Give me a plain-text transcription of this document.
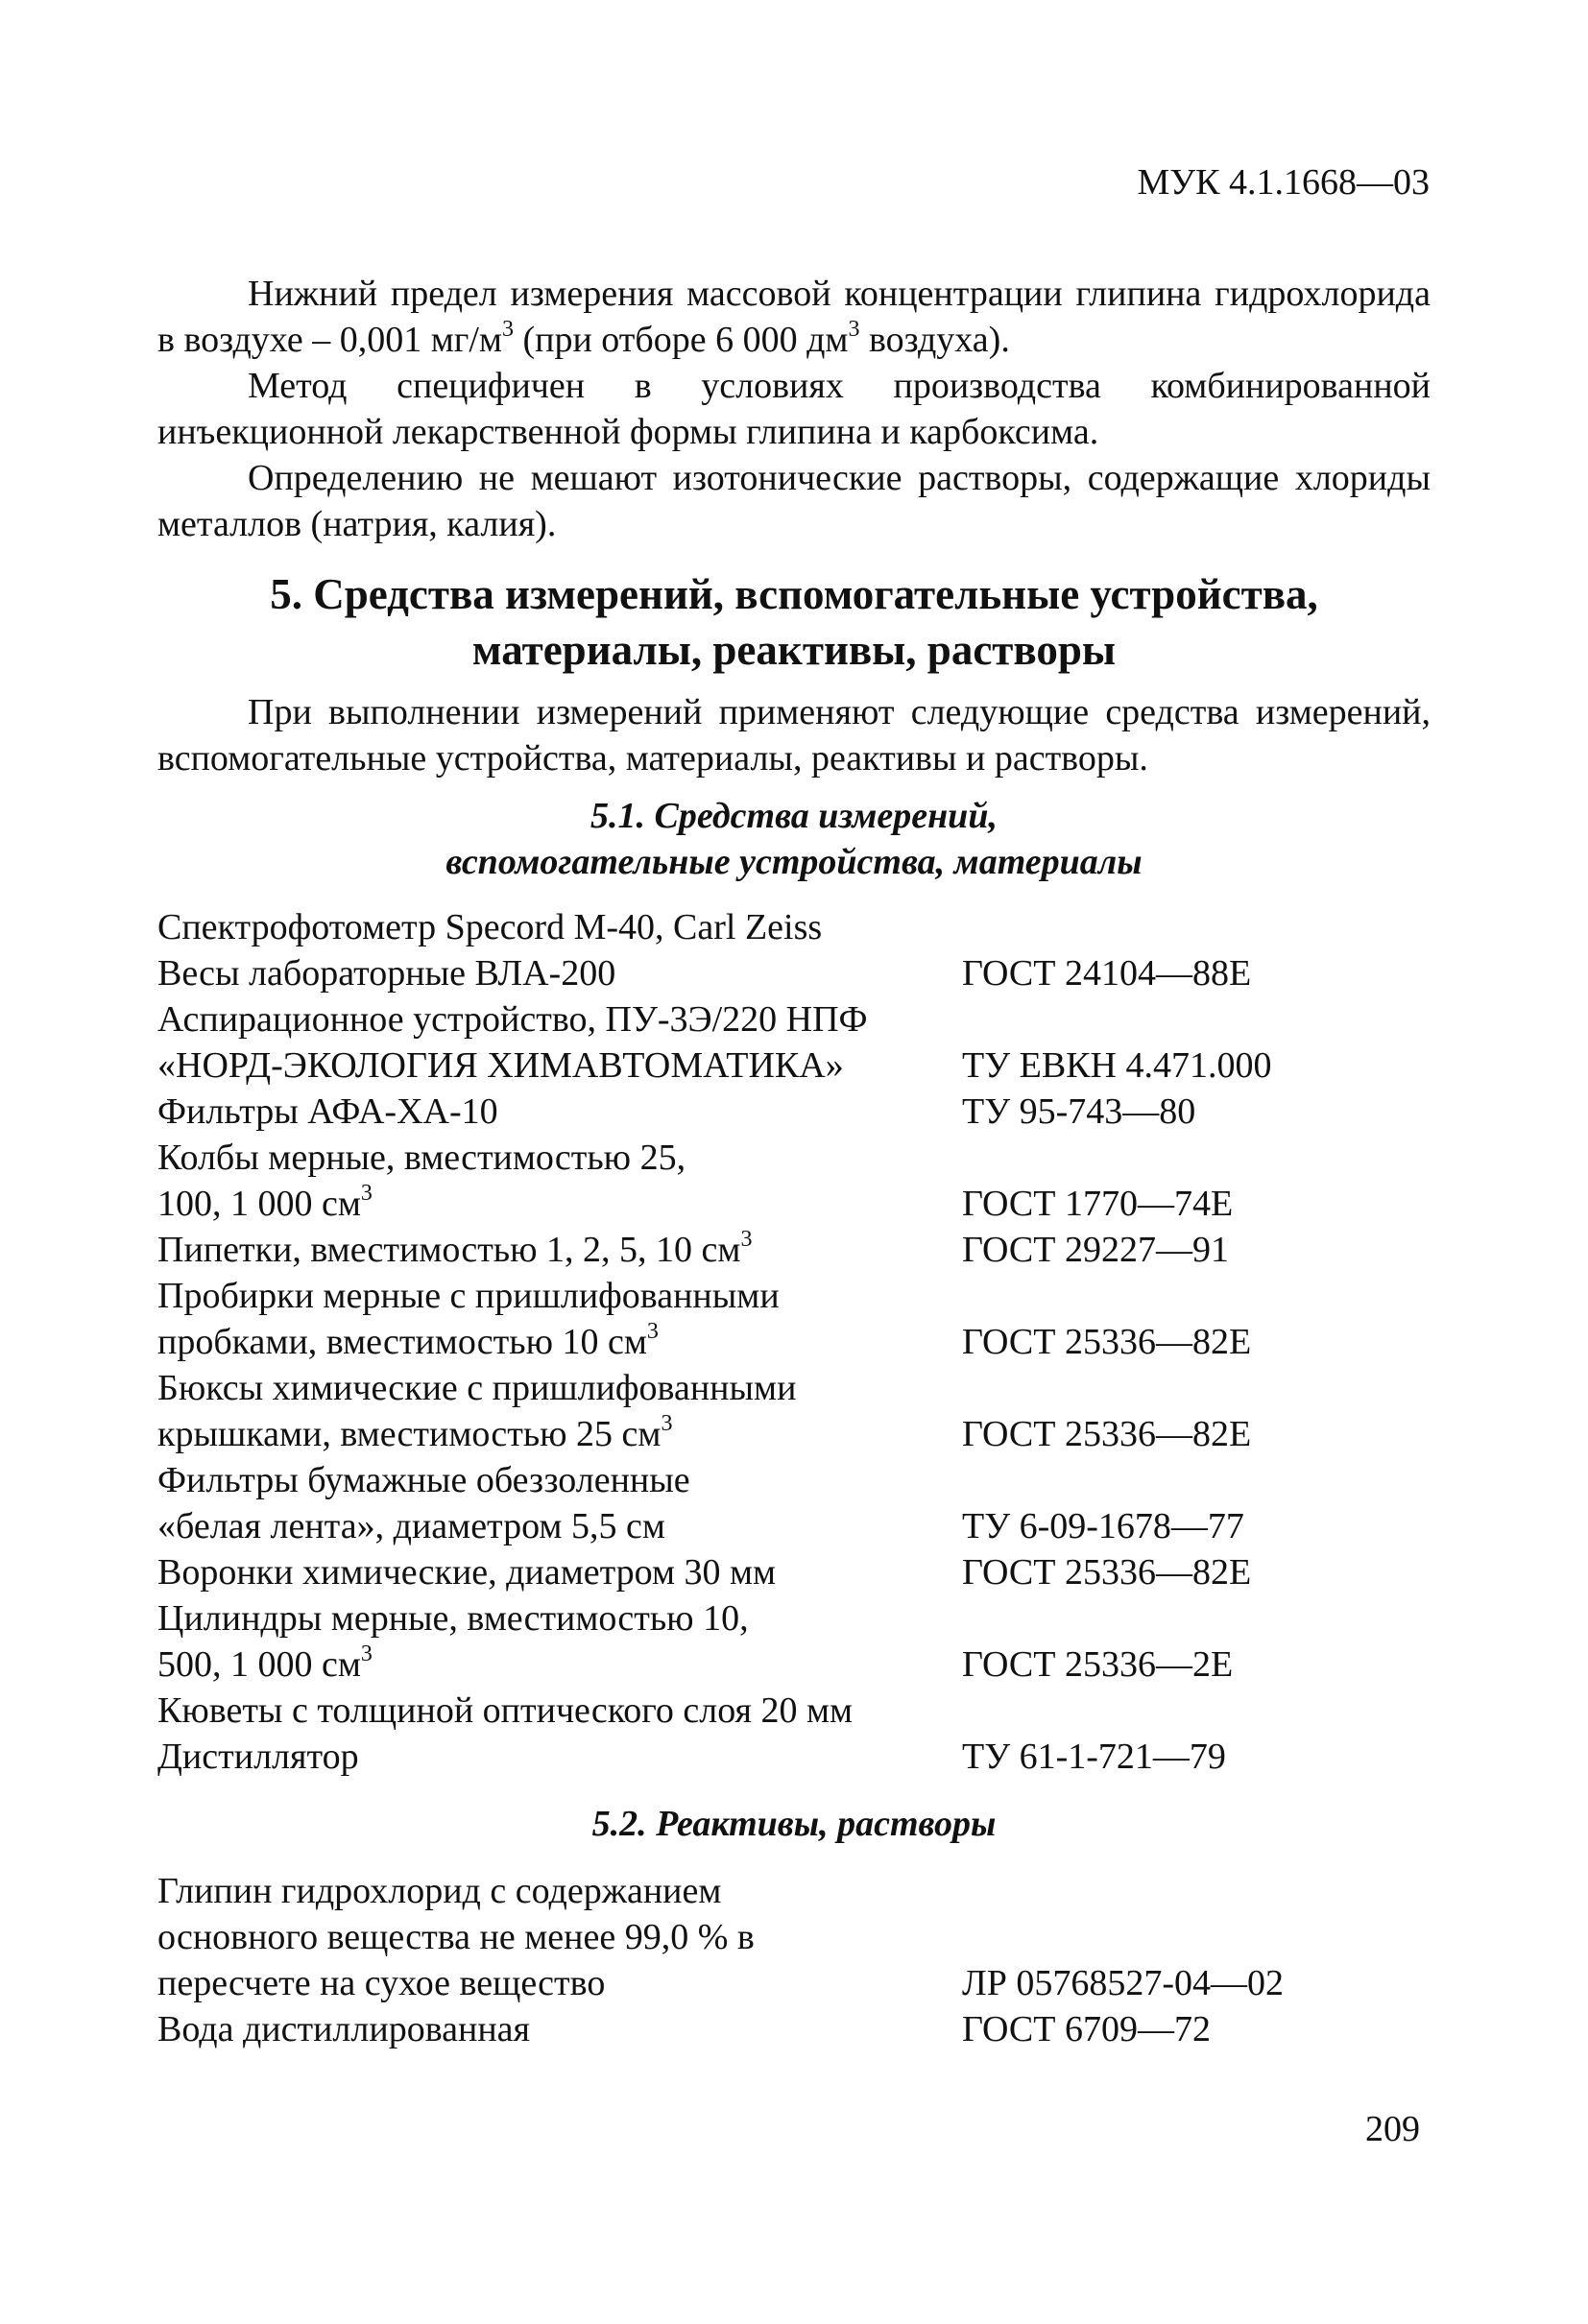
МУК 4.1.1668—03

Нижний предел измерения массовой концентрации глипина гидрохлорида в воздухе – 0,001 $мг/м^3$ (при отборе 6 000 $дм^3$ воздуха).

Метод специфичен в условиях производства комбинированной инъекционной лекарственной формы глипина и карбоксима.

Определению не мешают изотонические растворы, содержащие хлориды металлов (натрия, калия).

5. Средства измерений, вспомогательные устройства,
материалы, реактивы, растворы

При выполнении измерений применяют следующие средства измерений, вспомогательные устройства, материалы, реактивы и растворы.

5.1. Средства измерений,
вспомогательные устройства, материалы
Спектрофотометр Specord M-40, Carl Zeiss
Весы лабораторные ВЛА-200
Аспирационное устройство, ПУ-3Э/220 НПФ
«НОРД-ЭКОЛОГИЯ ХИМАВТОМАТИКА»
Фильтры АФА-ХА-10
Колбы мерные, вместимостью 25,
100, 1 000 $см^3$
Пипетки, вместимостью 1, 2, 5, 10 $см^3$
Пробирки мерные с пришлифованными
пробками, вместимостью 10 $см^3$
Бюксы химические с пришлифованными
крышками, вместимостью 25 $см^3$
Фильтры бумажные обеззоленные
«белая лента», диаметром 5,5 см
Воронки химические, диаметром 30 мм
Цилиндры мерные, вместимостью 10,
500, 1 000 $см^3$
Кюветы с толщиной оптического слоя 20 мм
Дистиллятор
ГОСТ 24104—88Е
ТУ ЕВКН 4.471.000
ТУ 95-743—80
ГОСТ 1770—74Е
ГОСТ 29227—91
ГОСТ 25336—82Е
ГОСТ 25336—82Е
ТУ 6-09-1678—77
ГОСТ 25336—82Е
ГОСТ 25336—2Е
ТУ 61-1-721—79
5.2. Реактивы, растворы
Глипин гидрохлорид с содержанием
основного вещества не менее 99,0 % в
пересчете на сухое вещество
Вода дистиллированная
ЛР 05768527-04—02
ГОСТ 6709—72
209
